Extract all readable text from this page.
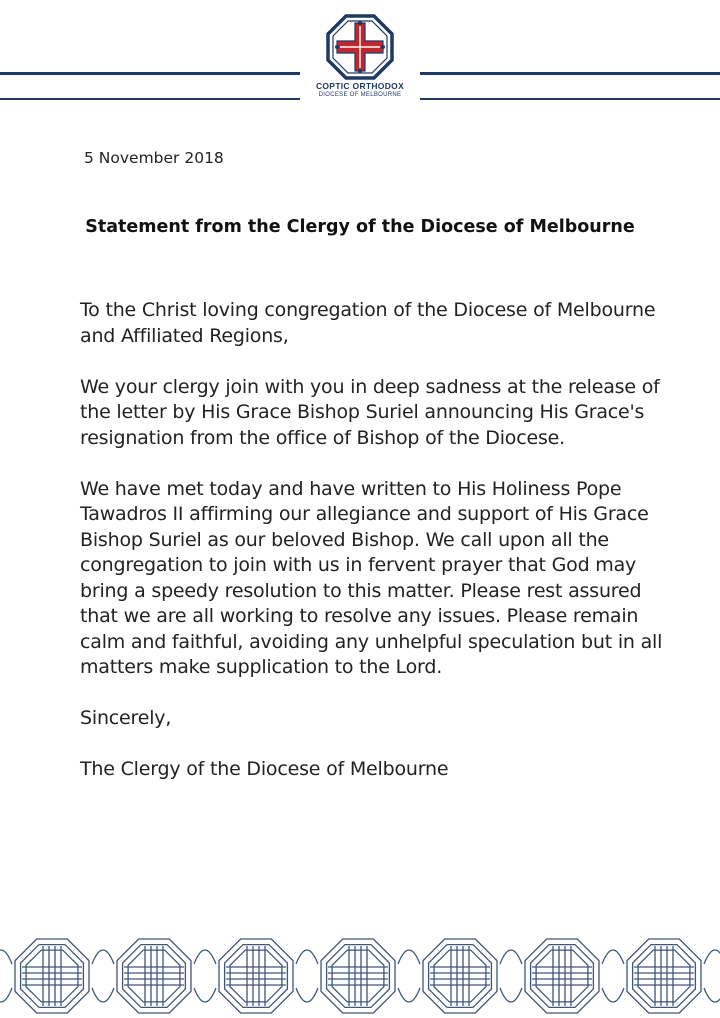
COPTIC ORTHODOX
DIOCESE OF MELBOURNE
5 November 2018
Statement from the Clergy of the Diocese of Melbourne

To the Christ loving congregation of the Diocese of Melbourne and Affiliated Regions,

We your clergy join with you in deep sadness at the release of the letter by His Grace Bishop Suriel announcing His Grace's resignation from the office of Bishop of the Diocese.

We have met today and have written to His Holiness Pope Tawadros II affirming our allegiance and support of His Grace Bishop Suriel as our beloved Bishop. We call upon all the congregation to join with us in fervent prayer that God may bring a speedy resolution to this matter. Please rest assured that we are all working to resolve any issues. Please remain calm and faithful, avoiding any unhelpful speculation but in all matters make supplication to the Lord.

Sincerely,

The Clergy of the Diocese of Melbourne
